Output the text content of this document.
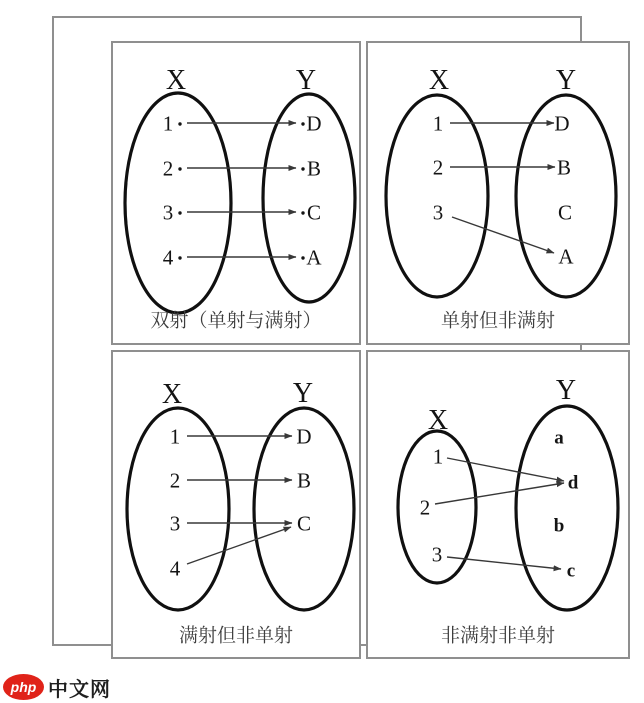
X	Y
1
2
3
4
D
B
C
A
双射（单射与满射）
X	Y
1
2
3
D
B
C
A
单射但非满射
X	Y
1
2
3
4
D
B
C
满射但非单射
X
Y
1
2
3
a
d
b
c
非满射非单射
php 中文网
